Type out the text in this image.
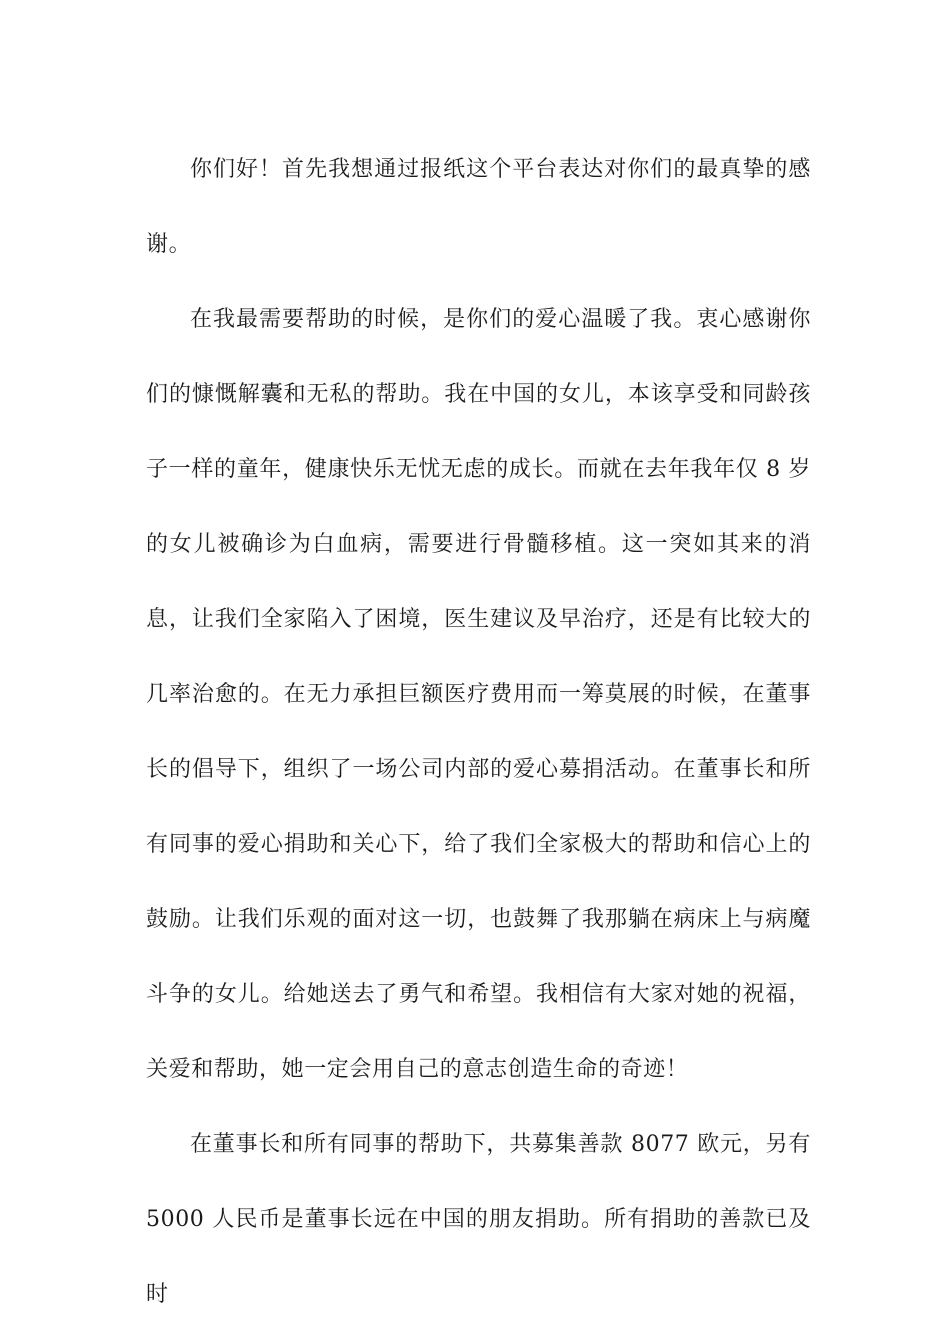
你们好！首先我想通过报纸这个平台表达对你们的最真挚的感谢。

在我最需要帮助的时候，是你们的爱心温暖了我。衷心感谢你们的慷慨解囊和无私的帮助。我在中国的女儿，本该享受和同龄孩子一样的童年，健康快乐无忧无虑的成长。而就在去年我年仅 8 岁的女儿被确诊为白血病，需要进行骨髓移植。这一突如其来的消息，让我们全家陷入了困境，医生建议及早治疗，还是有比较大的几率治愈的。在无力承担巨额医疗费用而一筹莫展的时候，在董事长的倡导下，组织了一场公司内部的爱心募捐活动。在董事长和所有同事的爱心捐助和关心下，给了我们全家极大的帮助和信心上的鼓励。让我们乐观的面对这一切，也鼓舞了我那躺在病床上与病魔斗争的女儿。给她送去了勇气和希望。我相信有大家对她的祝福，关爱和帮助，她一定会用自己的意志创造生命的奇迹！

在董事长和所有同事的帮助下，共募集善款 8077 欧元，另有 5000 人民币是董事长远在中国的朋友捐助。所有捐助的善款已及时
